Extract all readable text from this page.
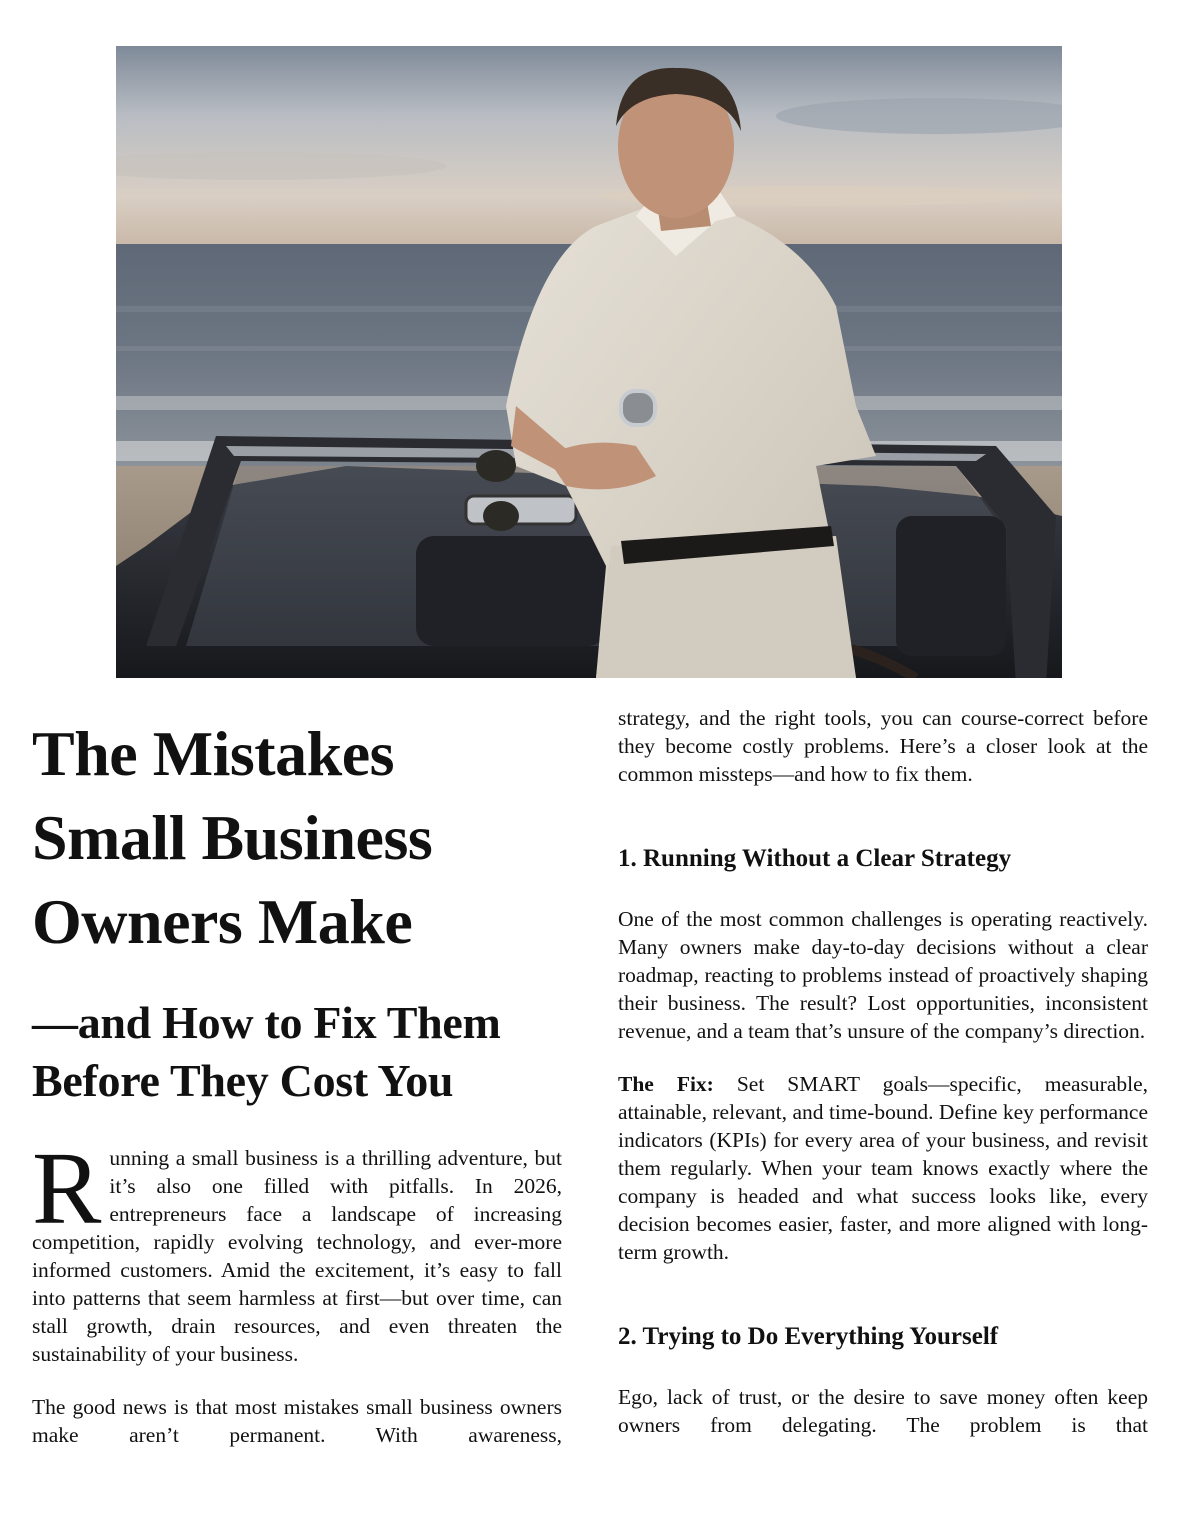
The Mistakes
Small Business
Owners Make
—and How to Fix Them
Before They Cost You
R unning a small business is a thrilling adventure, but it’s also one filled with pitfalls. In 2026, entrepreneurs face a landscape of increasing competition, rapidly evolving technology, and ever-more informed customers. Amid the excitement, it’s easy to fall into patterns that seem harmless at first—but over time, can stall growth, drain resources, and even threaten the sustainability of your business.

The good news is that most mistakes small business owners make aren’t permanent. With awareness,

strategy, and the right tools, you can course-correct before they become costly problems. Here’s a closer look at the common missteps—and how to fix them.

1. Running Without a Clear Strategy

One of the most common challenges is operating reactively. Many owners make day-to-day decisions without a clear roadmap, reacting to problems instead of proactively shaping their business. The result? Lost opportunities, inconsistent revenue, and a team that’s unsure of the company’s direction.

The Fix: Set SMART goals—specific, measurable, attainable, relevant, and time-bound. Define key performance indicators (KPIs) for every area of your business, and revisit them regularly. When your team knows exactly where the company is headed and what success looks like, every decision becomes easier, faster, and more aligned with long-term growth.

2. Trying to Do Everything Yourself

Ego, lack of trust, or the desire to save money often keep owners from delegating. The problem is that
